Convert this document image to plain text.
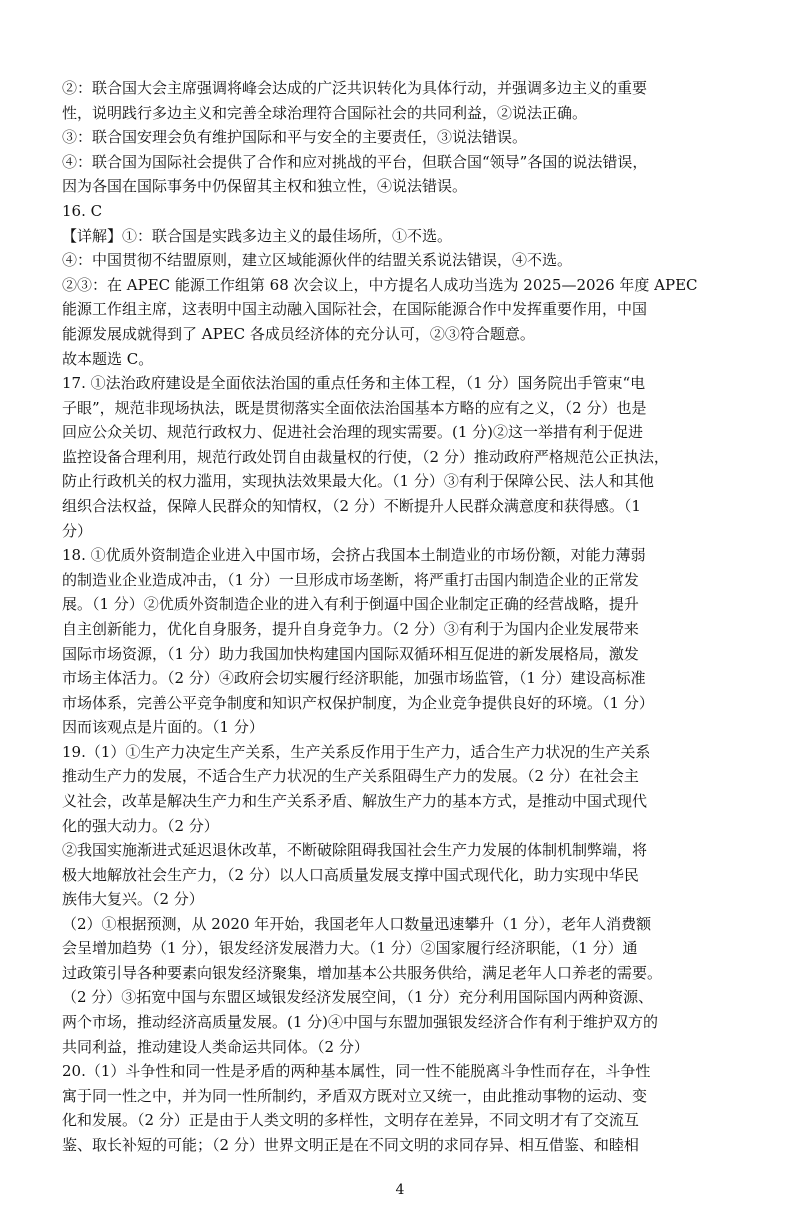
②：联合国大会主席强调将峰会达成的广泛共识转化为具体行动，并强调多边主义的重要
性，说明践行多边主义和完善全球治理符合国际社会的共同利益，②说法正确。
③：联合国安理会负有维护国际和平与安全的主要责任，③说法错误。
④：联合国为国际社会提供了合作和应对挑战的平台，但联合国“领导”各国的说法错误，
因为各国在国际事务中仍保留其主权和独立性，④说法错误。
16. C
【详解】①：联合国是实践多边主义的最佳场所，①不选。
④：中国贯彻不结盟原则，建立区域能源伙伴的结盟关系说法错误，④不选。
②③：在 APEC 能源工作组第 68 次会议上，中方提名人成功当选为 2025—2026 年度 APEC
能源工作组主席，这表明中国主动融入国际社会，在国际能源合作中发挥重要作用，中国
能源发展成就得到了 APEC 各成员经济体的充分认可，②③符合题意。
故本题选 C。
17. ①法治政府建设是全面依法治国的重点任务和主体工程，（1 分）国务院出手管束“电
子眼”，规范非现场执法，既是贯彻落实全面依法治国基本方略的应有之义，（2 分）也是
回应公众关切、规范行政权力、促进社会治理的现实需要。(1 分)②这一举措有利于促进
监控设备合理利用，规范行政处罚自由裁量权的行使，（2 分）推动政府严格规范公正执法，
防止行政机关的权力滥用，实现执法效果最大化。（1 分）③有利于保障公民、法人和其他
组织合法权益，保障人民群众的知情权，（2 分）不断提升人民群众满意度和获得感。（1
分）
18. ①优质外资制造企业进入中国市场，会挤占我国本土制造业的市场份额，对能力薄弱
的制造业企业造成冲击，（1 分）一旦形成市场垄断，将严重打击国内制造企业的正常发
展。（1 分）②优质外资制造企业的进入有利于倒逼中国企业制定正确的经营战略，提升
自主创新能力，优化自身服务，提升自身竞争力。（2 分）③有利于为国内企业发展带来
国际市场资源，（1 分）助力我国加快构建国内国际双循环相互促进的新发展格局，激发
市场主体活力。（2 分）④政府会切实履行经济职能，加强市场监管，（1 分）建设高标准
市场体系，完善公平竞争制度和知识产权保护制度，为企业竞争提供良好的环境。（1 分）
因而该观点是片面的。（1 分）
19.（1）①生产力决定生产关系，生产关系反作用于生产力，适合生产力状况的生产关系
推动生产力的发展，不适合生产力状况的生产关系阻碍生产力的发展。（2 分）在社会主
义社会，改革是解决生产力和生产关系矛盾、解放生产力的基本方式，是推动中国式现代
化的强大动力。（2 分）
②我国实施渐进式延迟退休改革，不断破除阻碍我国社会生产力发展的体制机制弊端，将
极大地解放社会生产力，（2 分）以人口高质量发展支撑中国式现代化，助力实现中华民
族伟大复兴。（2 分）
（2）①根据预测，从 2020 年开始，我国老年人口数量迅速攀升（1 分），老年人消费额
会呈增加趋势（1 分），银发经济发展潜力大。（1 分）②国家履行经济职能，（1 分）通
过政策引导各种要素向银发经济聚集，增加基本公共服务供给，满足老年人口养老的需要。
（2 分）③拓宽中国与东盟区域银发经济发展空间，（1 分）充分利用国际国内两种资源、
两个市场，推动经济高质量发展。(1 分)④中国与东盟加强银发经济合作有利于维护双方的
共同利益，推动建设人类命运共同体。（2 分）
20.（1）斗争性和同一性是矛盾的两种基本属性，同一性不能脱离斗争性而存在，斗争性
寓于同一性之中，并为同一性所制约，矛盾双方既对立又统一，由此推动事物的运动、变
化和发展。（2 分）正是由于人类文明的多样性，文明存在差异，不同文明才有了交流互
鉴、取长补短的可能；（2 分）世界文明正是在不同文明的求同存异、相互借鉴、和睦相
4
